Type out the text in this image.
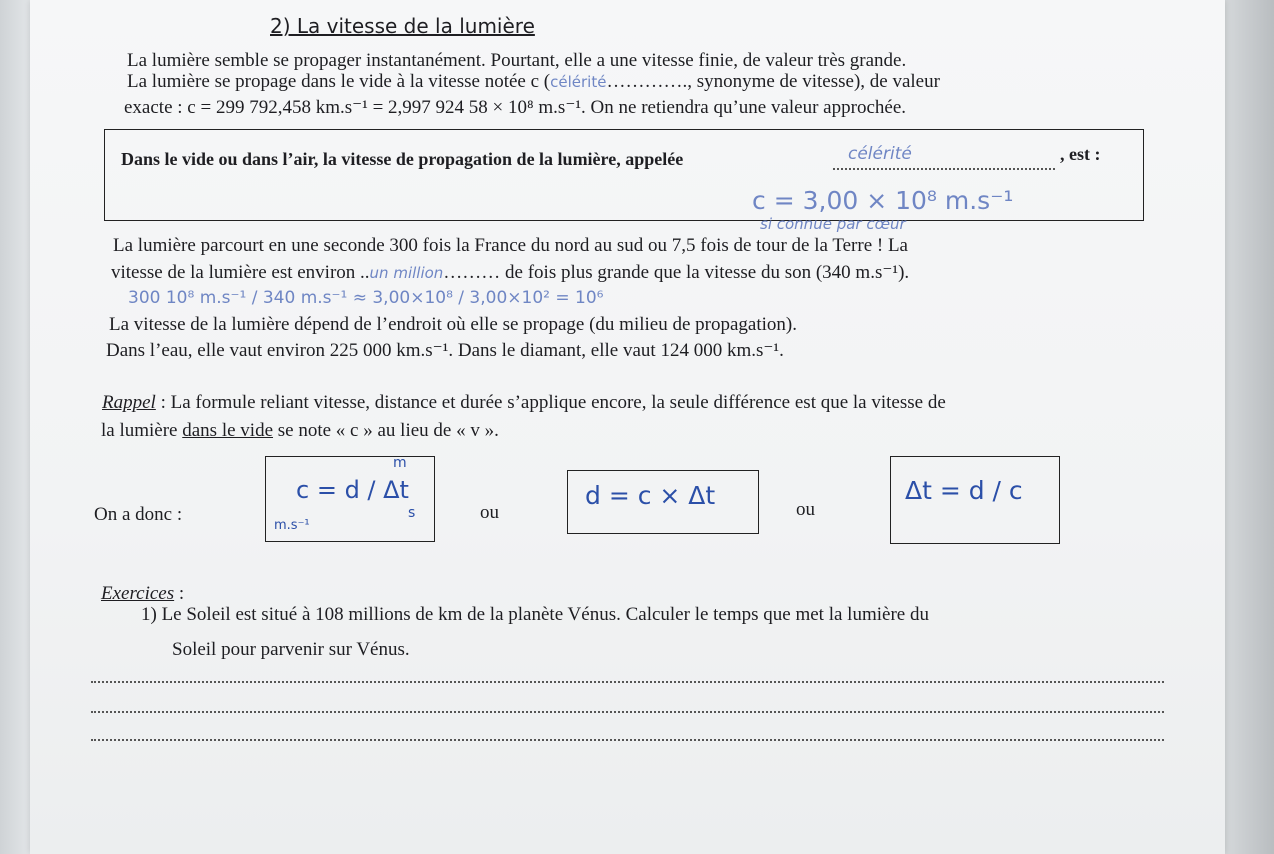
2) La vitesse de la lumière
La lumière semble se propager instantanément. Pourtant, elle a une vitesse finie, de valeur très grande.
La lumière se propage dans le vide à la vitesse notée c (célérité…………., synonyme de vitesse), de valeur
exacte : c = 299 792,458 km.s⁻¹ = 2,997 924 58 × 10⁸ m.s⁻¹. On ne retiendra qu’une valeur approchée.
Dans le vide ou dans l’air, la vitesse de propagation de la lumière, appelée	célérité	, est :
c = 3,00 × 10⁸ m.s⁻¹
si connue par cœur
La lumière parcourt en une seconde 300 fois la France du nord au sud ou 7,5 fois de tour de la Terre ! La
vitesse de la lumière est environ ..un million……… de fois plus grande que la vitesse du son (340 m.s⁻¹).
300 10⁸ m.s⁻¹ / 340 m.s⁻¹ ≈ 3,00×10⁸ / 3,00×10² = 10⁶
La vitesse de la lumière dépend de l’endroit où elle se propage (du milieu de propagation).
Dans l’eau, elle vaut environ 225 000 km.s⁻¹. Dans le diamant, elle vaut 124 000 km.s⁻¹.
Rappel : La formule reliant vitesse, distance et durée s’applique encore, la seule différence est que la vitesse de
la lumière dans le vide se note « c » au lieu de « v ».
On a donc :
c = d / Δt
m
s
m.s⁻¹
ou
d = c × Δt	ou
Δt = d / c
Exercices :
1) Le Soleil est situé à 108 millions de km de la planète Vénus. Calculer le temps que met la lumière du
Soleil pour parvenir sur Vénus.
